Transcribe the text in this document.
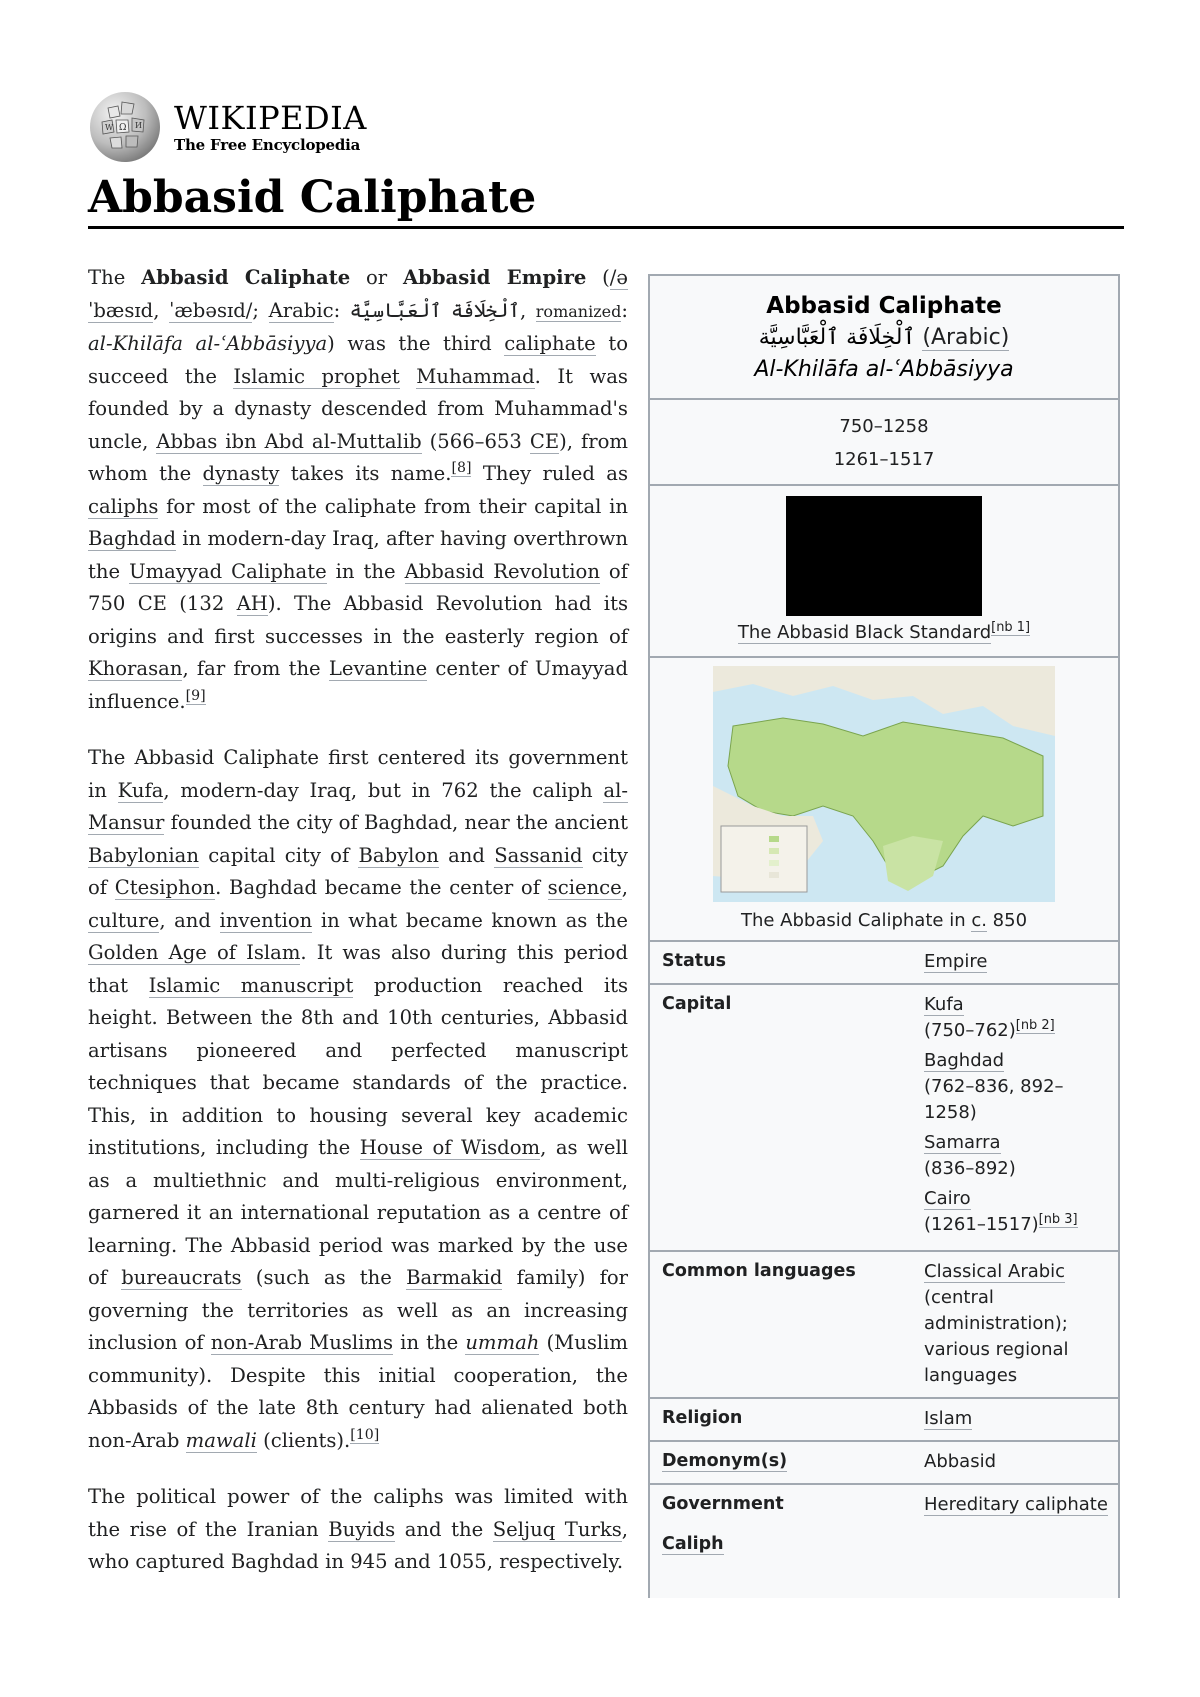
Ω
W	И WIKIPEDIA
The Free Encyclopedia
Abbasid Caliphate

The Abbasid Caliphate or Abbasid Empire (/əˈbæsɪd, ˈæbəsɪd/; Arabic: ٱلْخِلَافَة ٱلْعَبَّاسِيَّة, romanized: al-Khilāfa al-ʿAbbāsiyya) was the third caliphate to succeed the Islamic prophet Muhammad. It was founded by a dynasty descended from Muhammad's uncle, Abbas ibn Abd al-Muttalib (566–653 CE), from whom the dynasty takes its name.[8] They ruled as caliphs for most of the caliphate from their capital in Baghdad in modern-day Iraq, after having overthrown the Umayyad Caliphate in the Abbasid Revolution of 750 CE (132 AH). The Abbasid Revolution had its origins and first successes in the easterly region of Khorasan, far from the Levantine center of Umayyad influence.[9]

The Abbasid Caliphate first centered its government in Kufa, modern-day Iraq, but in 762 the caliph al-Mansur founded the city of Baghdad, near the ancient Babylonian capital city of Babylon and Sassanid city of Ctesiphon. Baghdad became the center of science, culture, and invention in what became known as the Golden Age of Islam. It was also during this period that Islamic manuscript production reached its height. Between the 8th and 10th centuries, Abbasid artisans pioneered and perfected manuscript techniques that became standards of the practice. This, in addition to housing several key academic institutions, including the House of Wisdom, as well as a multiethnic and multi-religious environment, garnered it an international reputation as a centre of learning. The Abbasid period was marked by the use of bureaucrats (such as the Barmakid family) for governing the territories as well as an increasing inclusion of non-Arab Muslims in the ummah (Muslim community). Despite this initial cooperation, the Abbasids of the late 8th century had alienated both non-Arab mawali (clients).[10]

The political power of the caliphs was limited with the rise of the Iranian Buyids and the Seljuq Turks, who captured Baghdad in 945 and 1055, respectively.

Abbasid Caliphate
ٱلْخِلَافَة ٱلْعَبَّاسِيَّة (Arabic)
Al-Khilāfa al-ʿAbbāsiyya
750–1258
1261–1517
The Abbasid Black Standard[nb 1]
The Abbasid Caliphate in c. 850
Status	Empire
Capital	Kufa
(750–762)[nb 2]
Baghdad
(762–836, 892–1258)
Samarra
(836–892)
Cairo
(1261–1517)[nb 3]
Common languages	Classical Arabic
(central administration); various regional languages
Religion	Islam
Demonym(s)	Abbasid
Government	Hereditary caliphate
Caliph
